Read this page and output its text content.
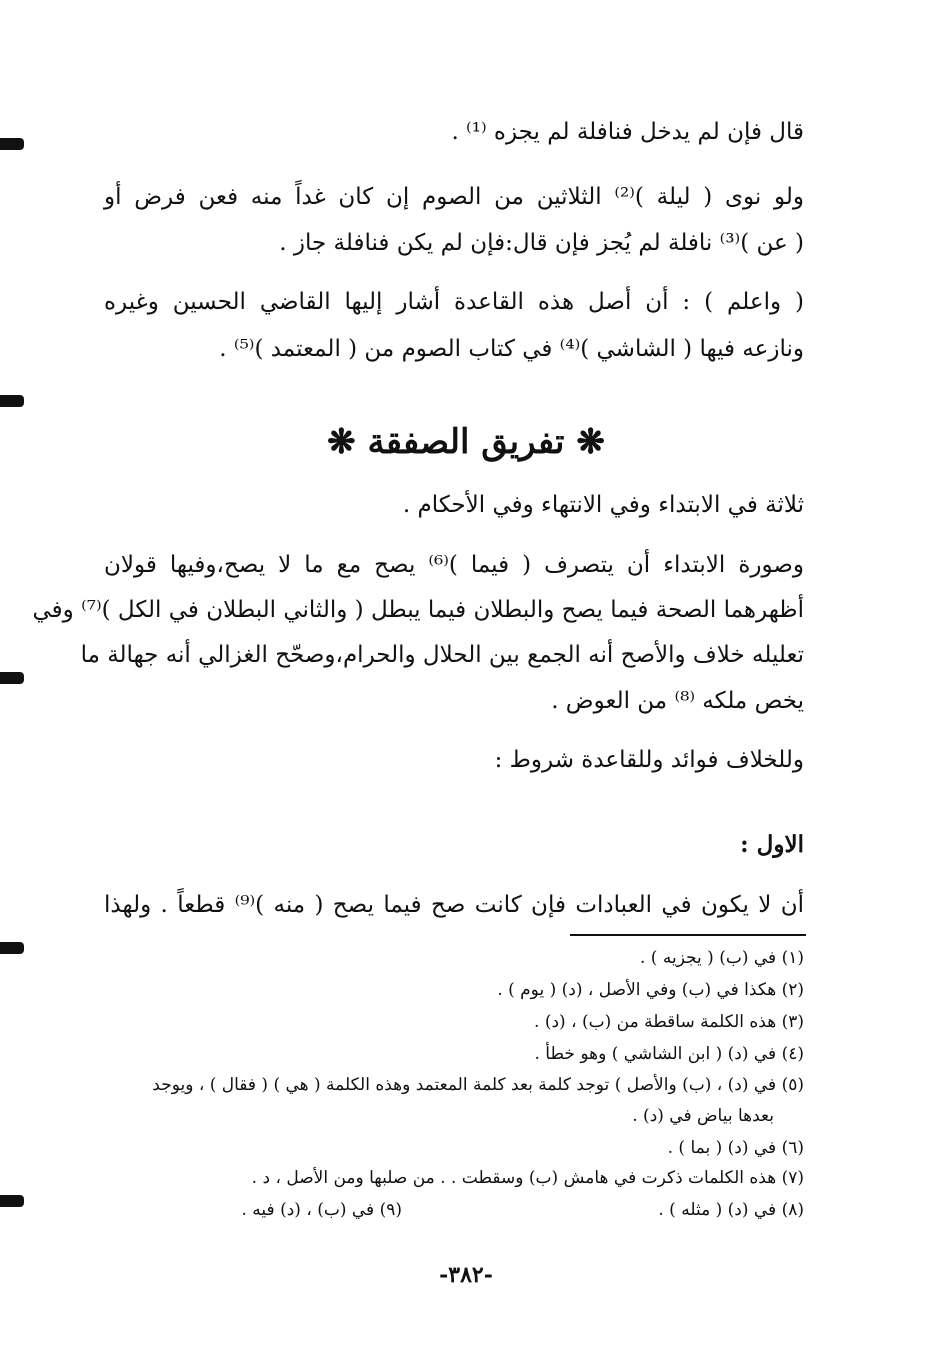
قال فإن لم يدخل فنافلة لم يجزه ⁽¹⁾ .
ولو نوى ( ليلة )⁽²⁾ الثلاثين من الصوم إن كان غداً منه فعن فرض أو
( عن )⁽³⁾ نافلة لم يُجز فإن قال:فإن لم يكن فنافلة جاز .
( واعلم ) : أن أصل هذه القاعدة أشار إليها القاضي الحسين وغيره
ونازعه فيها ( الشاشي )⁽⁴⁾ في كتاب الصوم من ( المعتمد )⁽⁵⁾ .
❋ تفريق الصفقة ❋
ثلاثة في الابتداء وفي الانتهاء وفي الأحكام .
وصورة الابتداء أن يتصرف ( فيما )⁽⁶⁾ يصح مع ما لا يصح،وفيها قولان
أظهرهما الصحة فيما يصح والبطلان فيما يبطل ( والثاني البطلان في الكل )⁽⁷⁾ وفي
تعليله خلاف والأصح أنه الجمع بين الحلال والحرام،وصحّح الغزالي أنه جهالة ما
يخص ملكه ⁽⁸⁾ من العوض .
وللخلاف فوائد وللقاعدة شروط :
الاول :
أن لا يكون في العبادات فإن كانت صح فيما يصح ( منه )⁽⁹⁾ قطعاً . ولهذا
(١) في (ب) ( يجزيه ) .
(٢) هكذا في (ب) وفي الأصل ، (د) ( يوم ) .
(٣) هذه الكلمة ساقطة من (ب) ، (د) .
(٤) في (د) ( ابن الشاشي ) وهو خطأ .
(٥) في (د) ، (ب) والأصل ) توجد كلمة بعد كلمة المعتمد وهذه الكلمة ( هي ) ( فقال ) ، ويوجد
بعدها بياض في (د) .
(٦) في (د) ( بما ) .
(٧) هذه الكلمات ذكرت في هامش (ب) وسقطت . . من صلبها ومن الأصل ، د .
(٨) في (د) ( مثله ) .
(٩) في (ب) ، (د) فيه .
-٣٨٢-
